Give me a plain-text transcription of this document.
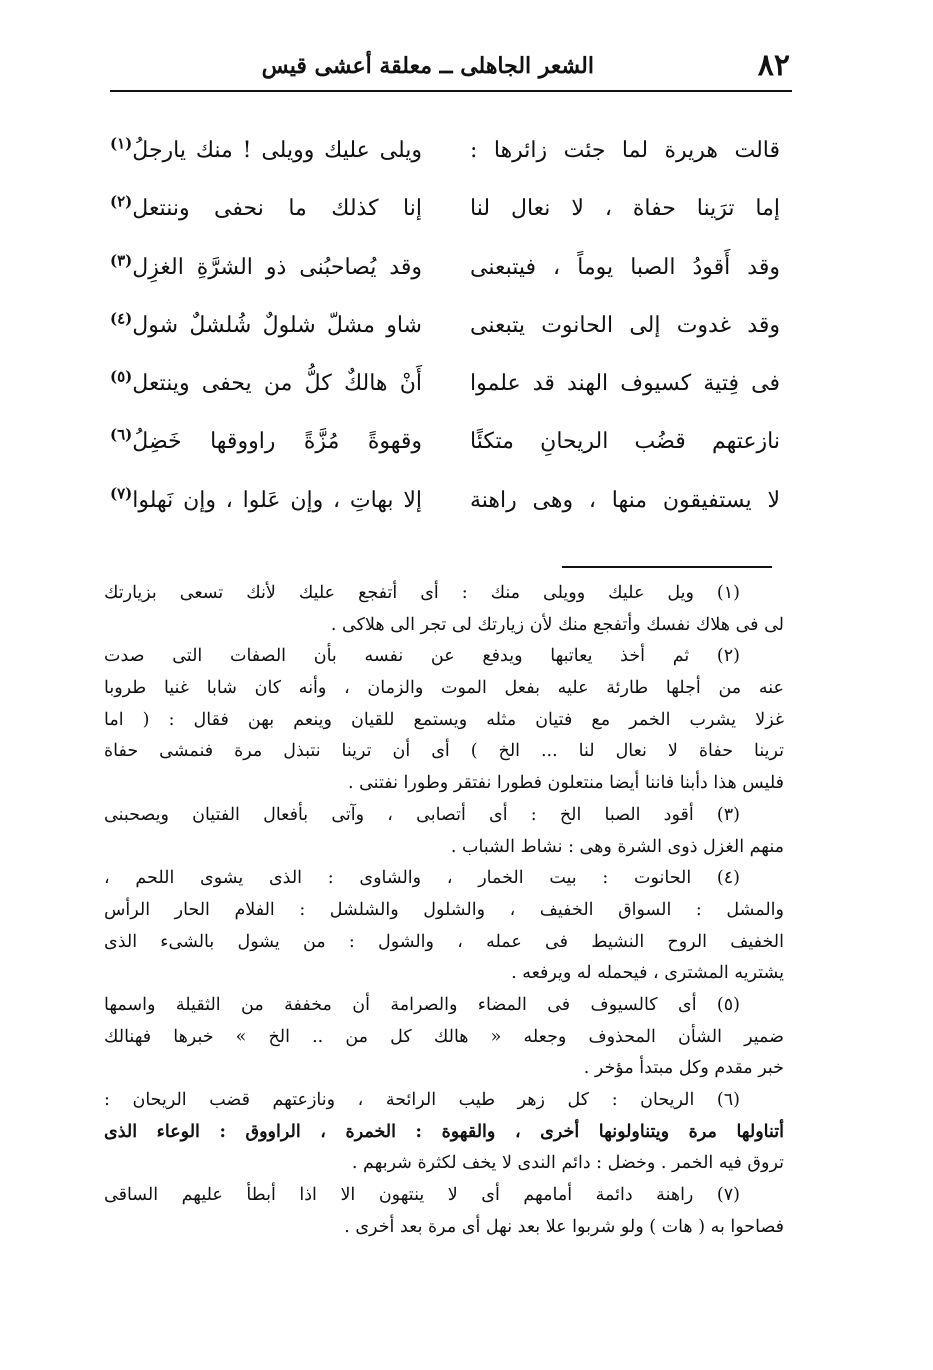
٨٢
الشعر الجاهلى ــ معلقة أعشى قيس
قالت هريرة لما جئت زائرها :
ويلى عليك وويلى ! منك يارجلُ$^{(١)}$
إما ترَينا حفاة ، لا نعال لنا
إنا كذلك ما نحفى وننتعل$^{(٢)}$
وقد أَقودُ الصبا يوماً ، فيتبعنى
وقد يُصاحبُنى ذو الشرَّةِ الغزِل$^{(٣)}$
وقد غدوت إلى الحانوت يتبعنى
شاو مشلّ شلولٌ شُلشلٌ شول$^{(٤)}$
فى فِتية كسيوف الهند قد علموا
أَنْ هالكٌ كلُّ من يحفى وينتعل$^{(٥)}$
نازعتهم قضُب الريحانِ متكئًا
وقهوةً مُزَّةً راووقها خَضِلُ$^{(٦)}$
لا يستفيقون منها ، وهى راهنة
إلا بهاتِ ، وإن عَلوا ، وإن نَهلوا$^{(٧)}$
(١) ويل عليك وويلى منك : أى أتفجع عليك لأنك تسعى بزيارتك
لى فى هلاك نفسك وأتفجع منك لأن زيارتك لى تجر الى هلاكى .
(٢) ثم أخذ يعاتبها ويدفع عن نفسه بأن الصفات التى صدت
عنه من أجلها طارئة عليه بفعل الموت والزمان ، وأنه كان شابا غنيا طروبا
غزلا يشرب الخمر مع فتيان مثله ويستمع للقيان وينعم بهن فقال : ( اما
ترينا حفاة لا نعال لنا ... الخ ) أى أن ترينا نتبذل مرة فنمشى حفاة
فليس هذا دأبنا فاننا أيضا منتعلون فطورا نفتقر وطورا نفتنى .
(٣) أقود الصبا الخ : أى أتصابى ، وآتى بأفعال الفتيان ويصحبنى
منهم الغزل ذوى الشرة وهى : نشاط الشباب .
(٤) الحانوت : بيت الخمار ، والشاوى : الذى يشوى اللحم ،
والمشل : السواق الخفيف ، والشلول والشلشل : الفلام الحار الرأس
الخفيف الروح النشيط فى عمله ، والشول : من يشول بالشىء الذى
يشتريه المشترى ، فيحمله له ويرفعه .
(٥) أى كالسيوف فى المضاء والصرامة أن مخففة من الثقيلة واسمها
ضمير الشأن المحذوف وجعله « هالك كل من .. الخ » خبرها فهنالك
خبر مقدم وكل مبتدأ مؤخر .
(٦) الريحان : كل زهر طيب الرائحة ، ونازعتهم قضب الريحان :
أتناولها مرة ويتناولونها أخرى ، والقهوة : الخمرة ، الراووق : الوعاء الذى
تروق فيه الخمر . وخضل : دائم الندى لا يخف لكثرة شربهم .
(٧) راهنة دائمة أمامهم أى لا ينتهون الا اذا أبطأ عليهم الساقى
فصاحوا به ( هات ) ولو شربوا علا بعد نهل أى مرة بعد أخرى .
